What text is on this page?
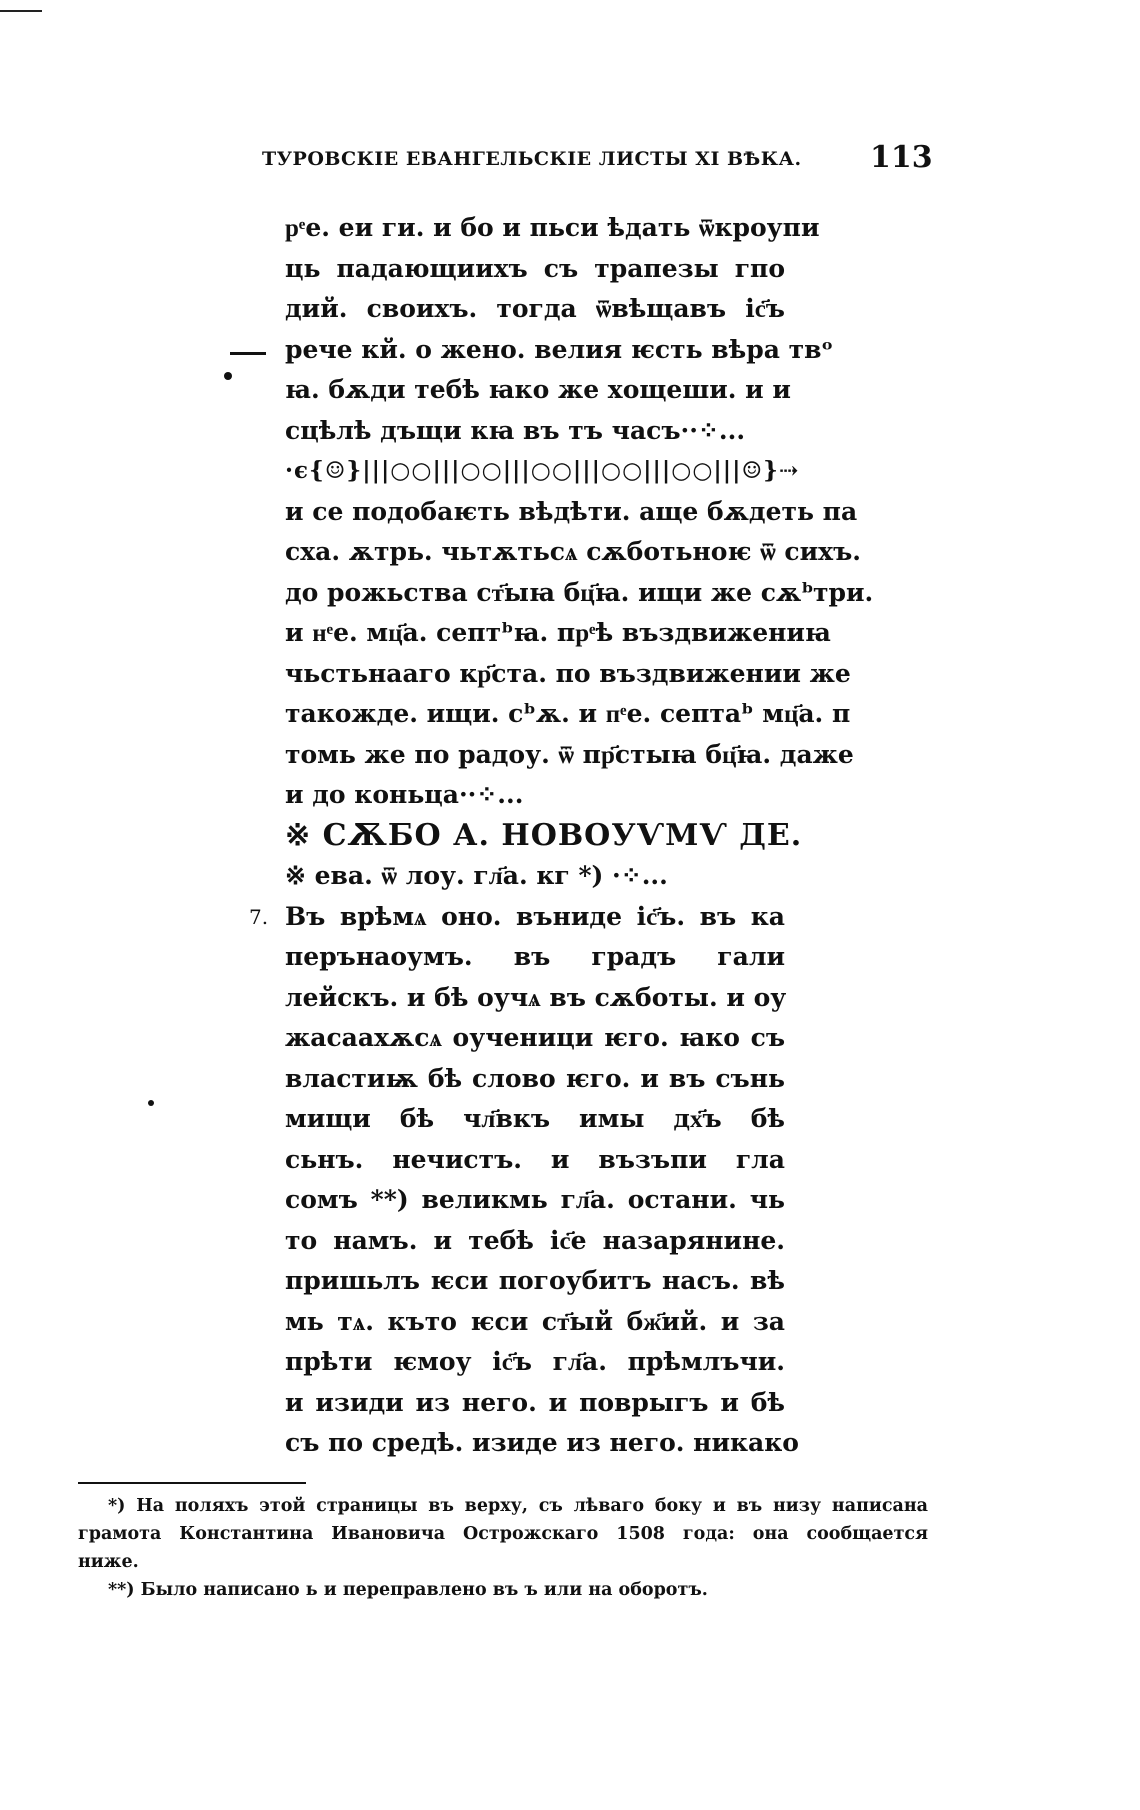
ТУРОВСКІЕ ЕВАНГЕЛЬСКІЕ ЛИСТЫ XI ВѢКА. 113
рͤе. еи ги. и бо и пьси ѣдать ѿкроупи
ць падающиихъ съ трапезы гпо
дий. своихъ. тогда ѿвѣщавъ іс҃ъ
рече кй. о жено. велия ѥсть вѣра твᵒ
ꙗ. бѫди тебѣ ꙗко же хощеши. и и
сцѣлѣ дъщи кꙗ въ тъ часъ··⁘...
·є{☺}|||○○|||○○|||○○|||○○|||○○|||☺}⇢
и се подобаѥть вѣдѣти. аще бѫдеть па
сха. ѫтрь. чьтѫтьсѧ сѫботьноѥ ѿ сихъ.
до рожьства ст҃ыꙗ бц҃ꙗ. ищи же сѫᵇ три.
и нͤе. мц҃а. септᵇꙗ. прͤѣ въздвижениꙗ
чьстьнааго кр҃ста. по въздвижении же
такожде. ищи. сᵇѫ. и пͤе. септаᵇ мц҃а. п
томь же по радоу. ѿ пр҃стыꙗ бц҃ꙗ. даже
и до коньца··⁘...
※ СѪБО А. НОВОУѴМѴ ДЕ.
※ ева. ѿ лоу. гл҃а. кг *) ·⁘...
7. Въ врѣмѧ оно. въниде іс҃ъ. въ ка
перънаоумъ. въ градъ гали
лейскъ. и бѣ оучѧ въ сѫботы. и оу
жасаахѫсѧ оученици ѥго. ꙗко съ
властиѭ бѣ слово ѥго. и въ сънь
мищи бѣ чл҃вкъ имы дх҃ъ бѣ
сьнъ. нечистъ. и възъпи гла
сомъ **) великмь гл҃а. остани. чь
то намъ. и тебѣ іс҃е назарянине.
пришьлъ ѥси погоубитъ насъ. вѣ
мь тѧ. къто ѥси ст҃ый бж҃ий. и за
прѣти ѥмоу іс҃ъ гл҃а. прѣмлъчи.
и изиди из него. и поврыгъ и бѣ
съ по средѣ. изиде из него. никако
*) На поляхъ этой страницы въ верху, съ лѣваго боку и въ низу написана
грамота Константина Ивановича Острожскаго 1508 года: она сообщается
ниже.
**) Было написано ь и переправлено въ ъ или на оборотъ.
